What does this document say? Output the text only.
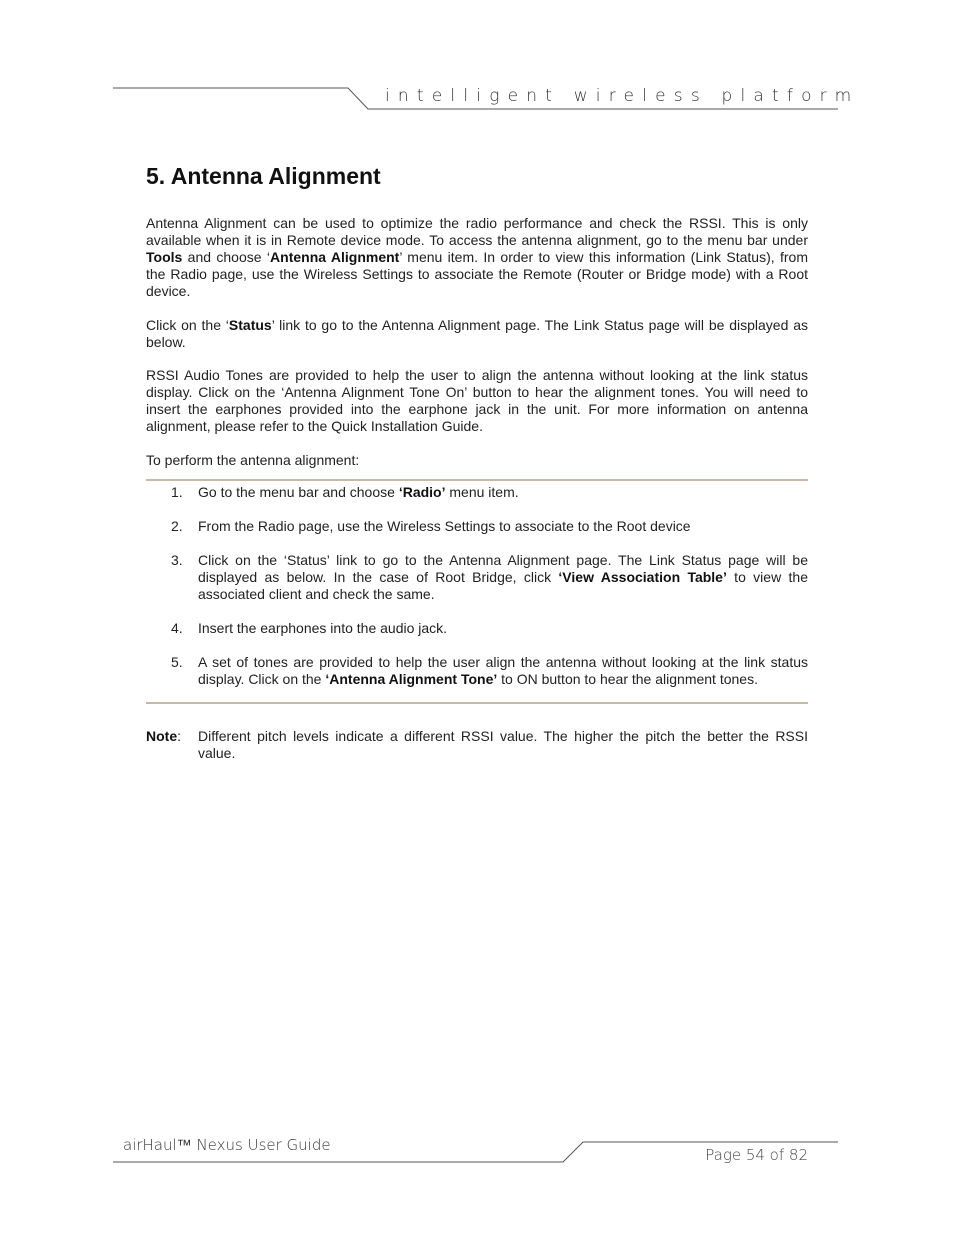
intelligent wireless platform
5. Antenna Alignment

Antenna Alignment can be used to optimize the radio performance and check the RSSI. This is only available when it is in Remote device mode. To access the antenna alignment, go to the menu bar under Tools and choose ‘Antenna Alignment’ menu item. In order to view this information (Link Status), from the Radio page, use the Wireless Settings to associate the Remote (Router or Bridge mode) with a Root device.

Click on the ‘Status’ link to go to the Antenna Alignment page. The Link Status page will be displayed as below.

RSSI Audio Tones are provided to help the user to align the antenna without looking at the link status display. Click on the ‘Antenna Alignment Tone On’ button to hear the alignment tones. You will need to insert the earphones provided into the earphone jack in the unit. For more information on antenna alignment, please refer to the Quick Installation Guide.

To perform the antenna alignment:

1. Go to the menu bar and choose ‘Radio’ menu item.
2. From the Radio page, use the Wireless Settings to associate to the Root device
3. Click on the ‘Status’ link to go to the Antenna Alignment page. The Link Status page will be displayed as below. In the case of Root Bridge, click ‘View Association Table’ to view the associated client and check the same.
4. Insert the earphones into the audio jack.
5. A set of tones are provided to help the user align the antenna without looking at the link status display. Click on the ‘Antenna Alignment Tone’ to ON button to hear the alignment tones.
Note: Different pitch levels indicate a different RSSI value. The higher the pitch the better the RSSI value.
airHaul™ Nexus User Guide
Page 54 of 82
